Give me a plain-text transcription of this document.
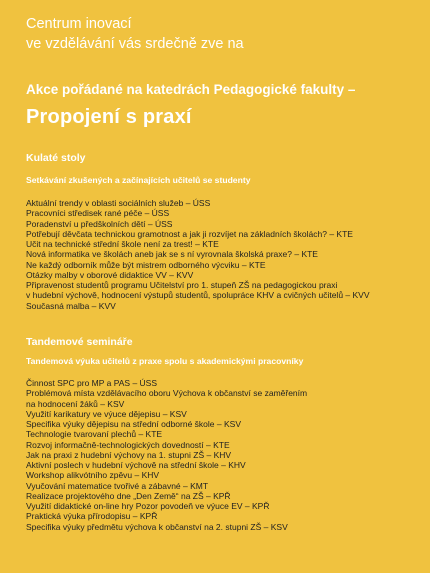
Centrum inovací
ve vzdělávání vás srdečně zve na
Akce pořádané na katedrách Pedagogické fakulty –
Propojení s praxí
Kulaté stoly
Setkávání zkušených a začínajících učitelů se studenty
Aktuální trendy v oblasti sociálních služeb – ÚSS
Pracovníci středisek rané péče – ÚSS
Poradenství u předškolních dětí – ÚSS
Potřebují děvčata technickou gramotnost a jak ji rozvíjet na základních školách? – KTE
Učit na technické střední škole není za trest! – KTE
Nová informatika ve školách aneb jak se s ní vyrovnala školská praxe? – KTE
Ne každý odborník může být mistrem odborného výcviku – KTE
Otázky malby v oborové didaktice VV – KVV
Připravenost studentů programu Učitelství pro 1. stupeň ZŠ na pedagogickou praxi
v hudební výchově, hodnocení výstupů studentů, spolupráce KHV a cvičných učitelů – KVV
Současná malba – KVV
Tandemové semináře
Tandemová výuka učitelů z praxe spolu s akademickými pracovníky
Činnost SPC pro MP a PAS – ÚSS
Problémová místa vzdělávacího oboru Výchova k občanství se zaměřením
na hodnocení žáků – KSV
Využití karikatury ve výuce dějepisu – KSV
Specifika výuky dějepisu na střední odborné škole – KSV
Technologie tvarovaní plechů – KTE
Rozvoj informačně-technologických dovedností – KTE
Jak na praxi z hudební výchovy na 1. stupni ZŠ – KHV
Aktivní poslech v hudební výchově na střední škole – KHV
Workshop alikvótního zpěvu – KHV
Vyučování matematice tvořivé a zábavné – KMT
Realizace projektového dne „Den Země“ na ZŠ – KPŘ
Využití didaktické on-line hry Pozor povodeň ve výuce EV – KPŘ
Praktická výuka přírodopisu – KPŘ
Specifika výuky předmětu výchova k občanství na 2. stupni ZŠ – KSV
